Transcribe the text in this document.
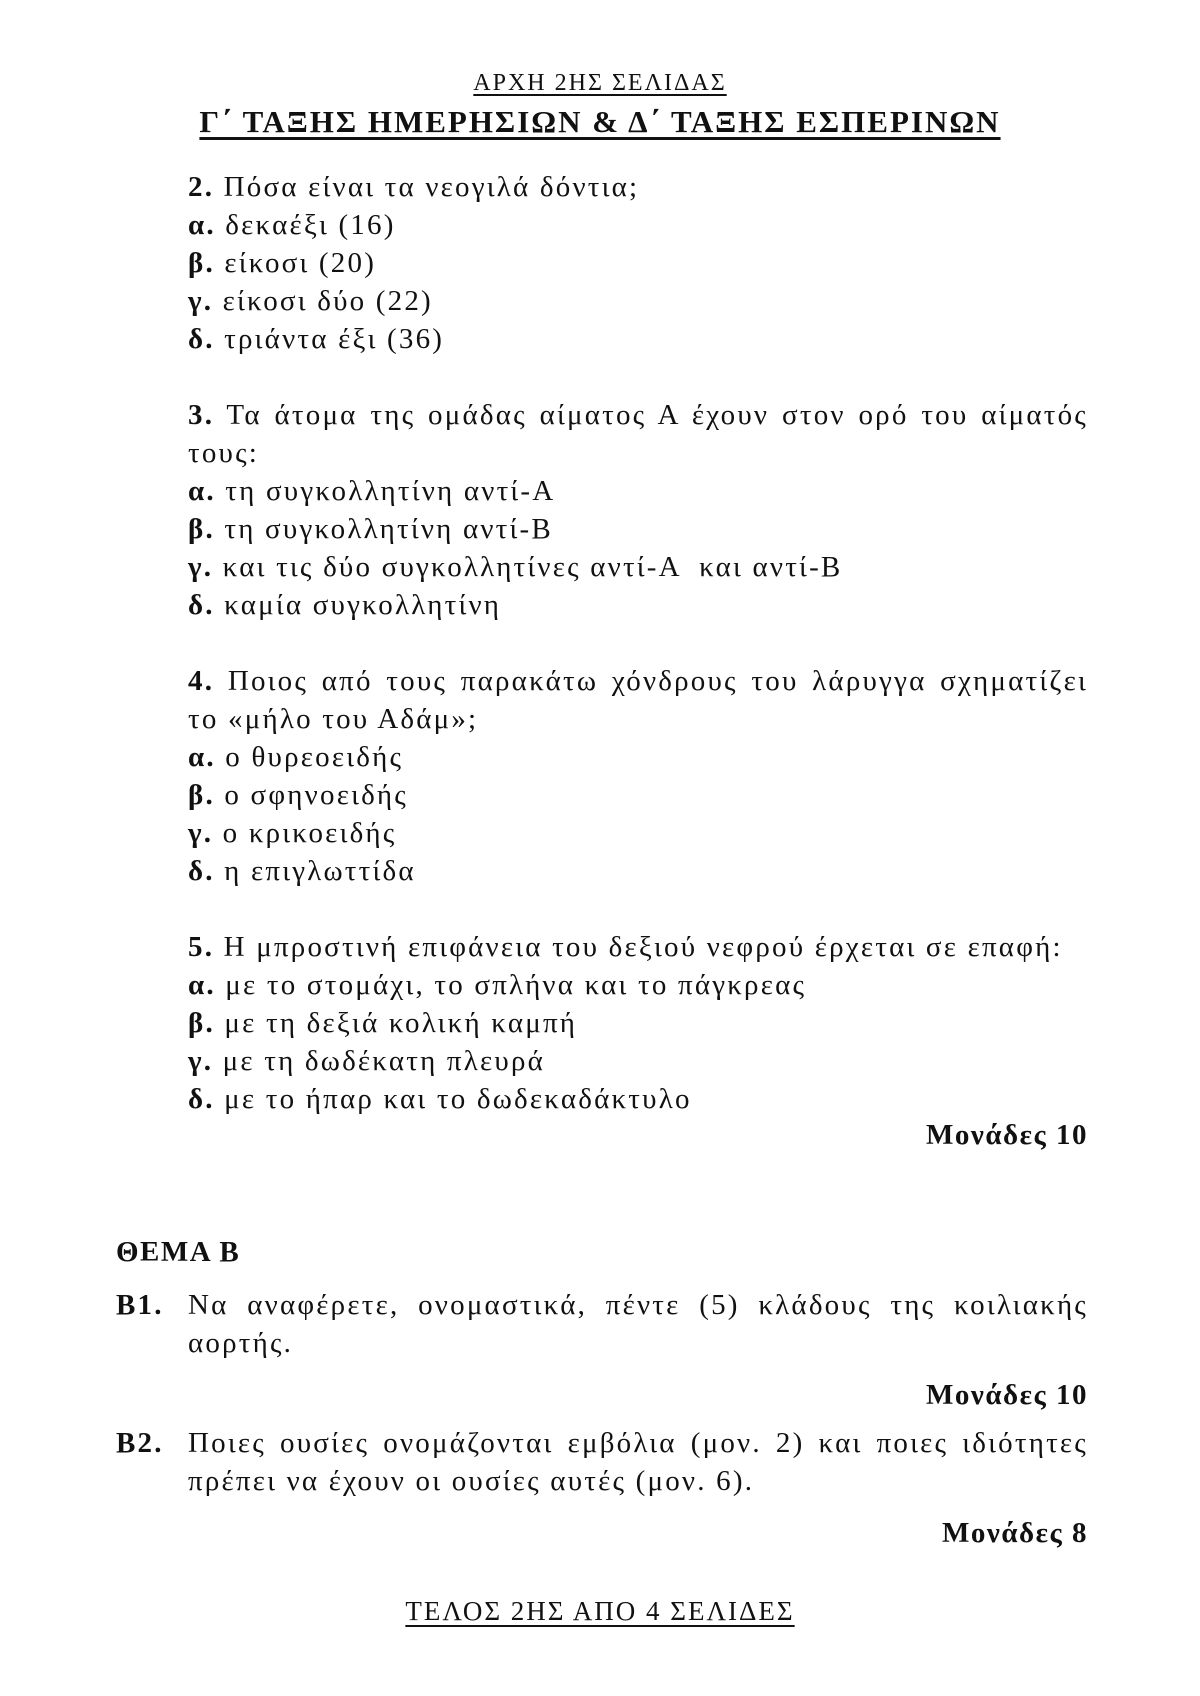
ΑΡΧΗ 2ΗΣ ΣΕΛΙΔΑΣ
Γ΄ ΤΑΞΗΣ ΗΜΕΡΗΣΙΩΝ & Δ΄ ΤΑΞΗΣ ΕΣΠΕΡΙΝΩΝ
2. Πόσα είναι τα νεογιλά δόντια;
α. δεκαέξι (16)
β. είκοσι (20)
γ. είκοσι δύο (22)
δ. τριάντα έξι (36)
3. Τα άτομα της ομάδας αίματος Α έχουν στον ορό του αίματός τους:
α. τη συγκολλητίνη αντί-Α
β. τη συγκολλητίνη αντί-Β
γ. και τις δύο συγκολλητίνες αντί-Α  και αντί-Β
δ. καμία συγκολλητίνη
4. Ποιος από τους παρακάτω χόνδρους του λάρυγγα σχηματίζει το «μήλο του Αδάμ»;
α. ο θυρεοειδής
β. ο σφηνοειδής
γ. ο κρικοειδής
δ. η επιγλωττίδα
5. Η μπροστινή επιφάνεια του δεξιού νεφρού έρχεται σε επαφή:
α. με το στομάχι, το σπλήνα και το πάγκρεας
β. με τη δεξιά κολική καμπή
γ. με τη δωδέκατη πλευρά
δ. με το ήπαρ και το δωδεκαδάκτυλο
Μονάδες 10
ΘΕΜΑ Β
Β1. Να αναφέρετε, ονομαστικά, πέντε (5) κλάδους της κοιλιακής αορτής.
Μονάδες 10
Β2. Ποιες ουσίες ονομάζονται εμβόλια (μον. 2) και ποιες ιδιότητες πρέπει να έχουν οι ουσίες αυτές (μον. 6).
Μονάδες 8
ΤΕΛΟΣ 2ΗΣ ΑΠΟ 4 ΣΕΛΙΔΕΣ
